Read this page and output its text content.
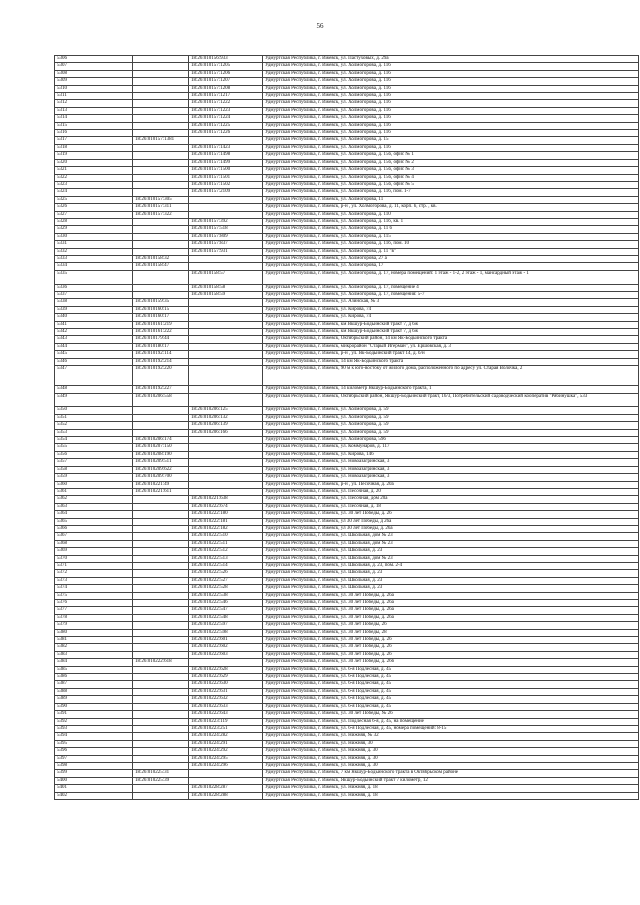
56
5306		18:26:010156:933	Удмуртская Республика, г. Ижевск, ул. Пастуховых, д. 29а
5307		18:26:010157:1205	Удмуртская Республика, г. Ижевск, ул. Холмогорова, д. 116
5308		18:26:010157:1206	Удмуртская Республика, г. Ижевск, ул. Холмогорова, д. 116
5309		18:26:010157:1207	Удмуртская Республика, г. Ижевск, ул. Холмогорова, д. 116
5310		18:26:010157:1208	Удмуртская Республика, г. Ижевск, ул. Холмогорова, д. 116
5311		18:26:010157:1217	Удмуртская Республика, г. Ижевск, ул. Холмогорова, д. 116
5312		18:26:010157:1222	Удмуртская Республика, г. Ижевск, ул. Холмогорова, д. 116
5313		18:26:010157:1223	Удмуртская Республика, г. Ижевск, ул. Холмогорова, д. 116
5314		18:26:010157:1224	Удмуртская Республика, г. Ижевск, ул. Холмогорова, д. 116
5315		18:26:010157:1225	Удмуртская Республика, г. Ижевск, ул. Холмогорова, д. 116
5316		18:26:010157:1226	Удмуртская Республика, г. Ижевск, ул. Холмогорова, д. 116
5317	18:26:010157:1381		Удмуртская Республика, г. Ижевск, ул. Холмогорова, д. 15
5318		18:26:010157:1423	Удмуртская Республика, г. Ижевск, ул. Холмогорова, д. 116
5319		18:26:010157:1498	Удмуртская Республика, г. Ижевск, ул. Холмогорова, д. 15б, офис № 1
5320		18:26:010157:1499	Удмуртская Республика, г. Ижевск, ул. Холмогорова, д. 15б, офис № 2
5321		18:26:010157:1500	Удмуртская Республика, г. Ижевск, ул. Холмогорова, д. 15б, офис № 3
5322		18:26:010157:1501	Удмуртская Республика, г. Ижевск, ул. Холмогорова, д. 15б, офис № 4
5323		18:26:010157:1502	Удмуртская Республика, г. Ижевск, ул. Холмогорова, д. 15б, офис № 5
5324		18:26:010157:2109	Удмуртская Республика, г. Ижевск, ул. Холмогорова, д. 116, пом. 1-7
5325	18:26:010157:305		Удмуртская Республика, г. Ижевск, ул. Холмогорова, 11
5326	18:26:010157:311		Удмуртская Республика, г. Ижевск, р-н , ул. Холмогорова, д. 11, корп. б, стр. , кв.
5327	18:26:010157:322		Удмуртская Республика, г. Ижевск, ул. Холмогорова, д. 110
5328		18:26:010157:392	Удмуртская Республика, г. Ижевск, ул. Холмогорова, д. 11б, кв. 1
5329		18:26:010157:518	Удмуртская Республика, г. Ижевск, ул. Холмогорова, д. 11 б
5330		18:26:010157:809	Удмуртская Республика, г. Ижевск, ул. Холмогорова, д. 115
5331		18:26:010157:837	Удмуртская Республика, г. Ижевск, ул. Холмогорова, д. 11б, пом. 10
5332		18:26:010157:931	Удмуртская Республика, г. Ижевск, ул. Холмогорова, д. 11 "в"
5333	18:26:010158:32		Удмуртская Республика, г. Ижевск, ул. Холмогорова, 27 а
5334	18:26:010158:47		Удмуртская Республика, г. Ижевск, ул. Холмогорова, 17
5335		18:26:010158:57	Удмуртская Республика, г. Ижевск, ул. Холмогорова, д. 17, номера помещений: 1 этаж - 1-2, 2 этаж - 1, мансардный этаж - 1
5336		18:26:010158:58	Удмуртская Республика, г. Ижевск, ул. Холмогорова, д. 17, помещение 4
5337		18:26:010158:59	Удмуртская Республика, г. Ижевск, ул. Холмогорова, д. 17, помещения: 5-7
5338	18:26:010159:35		Удмуртская Республика, г. Ижевск, ул. Азинская, № 3
5339	18:26:010160:15		Удмуртская Республика, г. Ижевск, ул. Кирова, 74
5340	18:26:010160:17		Удмуртская Республика, г. Ижевск, ул. Кирова, 74
5341	18:26:010161:219		Удмуртская Республика, г. Ижевск, км Якшур-Бодьинский тракт 7, д 6ж
5342	18:26:010161:222		Удмуртская Республика, г. Ижевск, км Якшур-Бодьинский тракт 7, д 6ж
5343	18:26:010179:44		Удмуртская Республика, г. Ижевск, Октябрьский район, 14 км Як-Бодьинского тракта
5344	18:26:010180:17		Удмуртская Республика, г. Ижевск, микрорайон "Старый Игерман", ул. Ершовская, д. 3
5345	18:26:010192:114		Удмуртская Республика, г. Ижевск, р-н , ул. Як-Бодьинский тракт 14, д. б/н
5346	18:26:010192:214		Удмуртская Республика, г. Ижевск, 14 км Як-Бодьинского тракта
5347	18:26:010192:220		Удмуртская Республика, г. Ижевск, 90 м к юго-востоку от жилого дома, расположенного по адресу ул. Старая Волочка, 2
5348	18:26:010192:227		Удмуртская Республика, г. Ижевск, 14 километр Якшур-Бодьинского тракта, 1
5349	18:26:010206:558		Удмуртская Республика, г. Ижевск, Октябрьский район, Якшур-Бодьинский тракт, 16/3, Потребительский садоводческий кооператив "Рябинушка", 533
5350		18:26:010206:125	Удмуртская Республика, г. Ижевск, ул. Холмогорова, д. 59
5351		18:26:010206:132	Удмуртская Республика, г. Ижевск, ул. Холмогорова, д. 59
5352		18:26:010206:139	Удмуртская Республика, г. Ижевск, ул. Холмогорова, д. 59
5353		18:26:010206:166	Удмуртская Республика, г. Ижевск, ул. Холмогорова, д. 59
5354	18:26:010206:174		Удмуртская Республика, г. Ижевск, ул. Холмогорова, 59б
5355	18:26:010207:150		Удмуртская Республика, г. Ижевск, ул. Коммунаров, д. 117
5356	18:26:010208:190		Удмуртская Республика, г. Ижевск, ул. Кирова, 146
5357	18:26:010209:511		Удмуртская Республика, г. Ижевск, ул. Новоазагринская, 3
5358	18:26:010209:622		Удмуртская Республика, г. Ижевск, ул. Новоазагринская, 3
5359	18:26:010209:700		Удмуртская Республика, г. Ижевск, ул. Новоазагринская, 3
5360	18:26:010221:49		Удмуртская Республика, г. Ижевск, р-н , ул. Песочная, д. 20а
5361	18:26:010221:611		Удмуртская Республика, г. Ижевск, ул. Песочная, д. 20
5362		18:26:010221:638	Удмуртская Республика, г. Ижевск, ул. Песочная, дом 20а
5363		18:26:010222:674	Удмуртская Республика, г. Ижевск, ул. Песочная, д. 18
5364		18:26:010222:180	Удмуртская Республика, г. Ижевск, ул. 30 лет Победы, д. 26
5365		18:26:010222:181	Удмуртская Республика, г. Ижевск, ул 30 лет Победы, д 26а
5366		18:26:010222:182	Удмуртская Республика, г. Ижевск, ул 30 лет Победы, д. 26а
5367		18:26:010222:510	Удмуртская Республика, г. Ижевск, ул. Школьная, дом № 23
5368		18:26:010222:511	Удмуртская Республика, г. Ижевск, ул. Школьная, дом № 23
5369		18:26:010222:512	Удмуртская Республика, г. Ижевск, ул. Школьная, д. 23
5370		18:26:010222:513	Удмуртская Республика, г. Ижевск, ул. Школьная, дом № 23
5371		18:26:010222:514	Удмуртская Республика, г. Ижевск, ул. Школьная, д. 23, пом. 2-4
5372		18:26:010222:526	Удмуртская Республика, г. Ижевск, ул. Школьная, д. 23
5373		18:26:010222:527	Удмуртская Республика, г. Ижевск, ул. Школьная, д. 23
5374		18:26:010222:528	Удмуртская Республика, г. Ижевск, ул. Школьная, д. 23
5375		18:26:010222:538	Удмуртская Республика, г. Ижевск, ул. 30 лет Победы, д. 26а
5376		18:26:010222:546	Удмуртская Республика, г. Ижевск, ул. 30 лет Победы, д. 26а
5377		18:26:010222:547	Удмуртская Республика, г. Ижевск, ул. 30 лет Победы, д. 26а
5378		18:26:010222:548	Удмуртская Республика, г. Ижевск, ул. 30 лет Победы, д. 26а
5379		18:26:010222:597	Удмуртская Республика, г. Ижевск, ул. 30 лет Победы, 26
5380		18:26:010222:598	Удмуртская Республика, г. Ижевск, ул. 30 лет Победы, 28
5381		18:26:010222:601	Удмуртская Республика, г. Ижевск, ул. 30 лет Победы, д. 26
5382		18:26:010222:602	Удмуртская Республика, г. Ижевск, ул. 30 лет Победы, д. 26
5383		18:26:010222:603	Удмуртская Республика, г. Ижевск, ул. 30 лет Победы, д. 26
5384	18:26:010222:618		Удмуртская Республика, г. Ижевск, ул. 30 лет Победы, д. 26б
5385		18:26:010222:628	Удмуртская Республика, г. Ижевск, ул. 6-я Подлесная, д. 45
5386		18:26:010222:629	Удмуртская Республика, г. Ижевск, ул. 6-я Подлесная, д. 45
5387		18:26:010222:630	Удмуртская Республика, г. Ижевск, ул. 6-я Подлесная, д. 45
5388		18:26:010222:631	Удмуртская Республика, г. Ижевск, ул. 6-я Подлесная, д. 45
5389		18:26:010222:632	Удмуртская Республика, г. Ижевск, ул. 6-я Подлесная, д. 45
5390		18:26:010222:633	Удмуртская Республика, г. Ижевск, ул. 6-я Подлесная, д. 45
5391		18:26:010222:643	Удмуртская Республика, г. Ижевск, ул. 30 лет Победы, № 26
5392		18:26:010223:119	Удмуртская Республика, г. Ижевск, ул. Подлесная 6-я, д. 45, на помещение
5393		18:26:010223:251	Удмуртская Республика, г. Ижевск, ул. 6-я Подлесная, д. 45, номера помещений: 8-15
5394		18:26:010224:282	Удмуртская Республика, г. Ижевск, ул. Нижняя, № 32
5395		18:26:010224:291	Удмуртская Республика, г. Ижевск, ул. Нижняя, 30
5396		18:26:010224:292	Удмуртская Республика, г. Ижевск, ул. Нижняя, д. 30
5397		18:26:010224:295	Удмуртская Республика, г. Ижевск, ул. Нижняя, д. 30
5398		18:26:010224:296	Удмуртская Республика, г. Ижевск, ул. Нижняя, д. 30
5399	18:26:010225:31		Удмуртская Республика, г. Ижевск, 7 км Якшур-Бодьинского тракта в Октябрьском районе
5400	18:26:010225:39		Удмуртская Республика, г. Ижевск, Якшур-Бодьинский тракт 7 километр, 12
5401		18:26:010228:287	Удмуртская Республика, г. Ижевск, ул. Нижняя, д. 18
5402		18:26:010228:288	Удмуртская Республика, г. Ижевск, ул. Нижняя, д. 18
